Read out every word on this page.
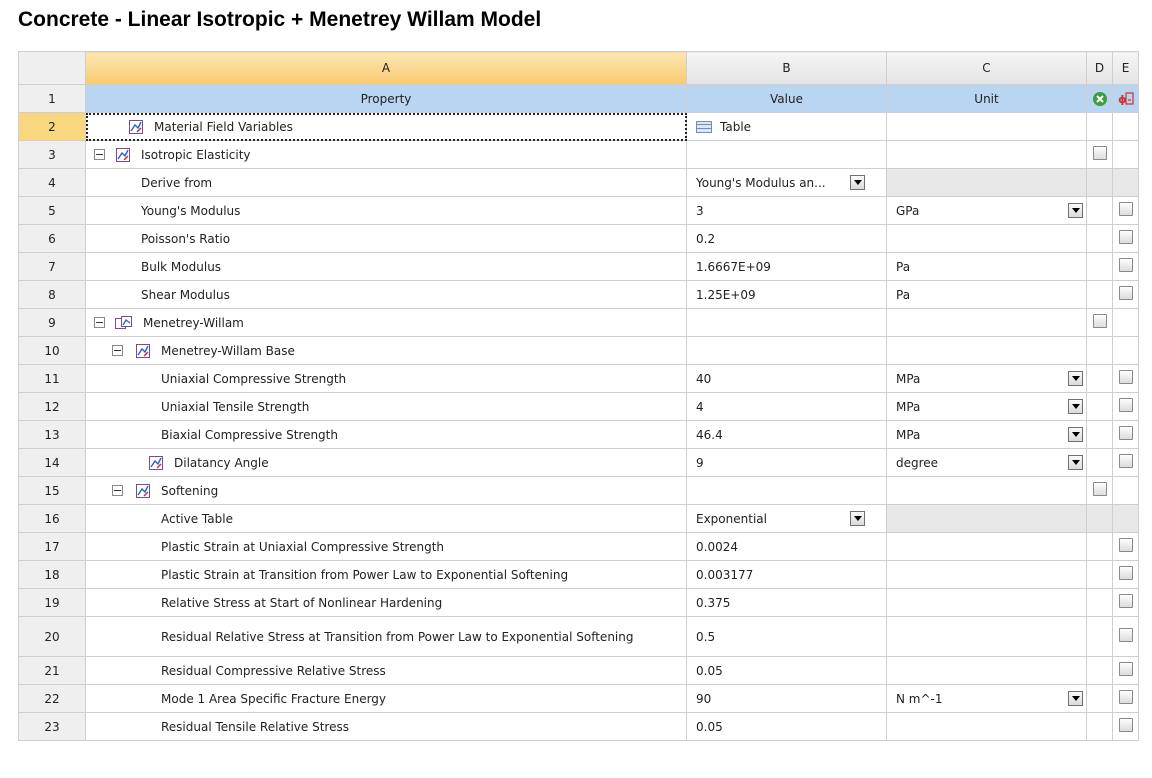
Concrete - Linear Isotropic + Menetrey Willam Model
	A	B	C	D	E
1	Property	Value	Unit		ɸ

2	Material Field Variables	Table			

3	Isotropic Elasticity				

4	Derive from	Young's Modulus an...			

5	Young's Modulus	3	GPa		

6	Poisson's Ratio	0.2			

7	Bulk Modulus	1.6667E+09	Pa		

8	Shear Modulus	1.25E+09	Pa		

9	Menetrey-Willam				

10	Menetrey-Willam Base				

11	Uniaxial Compressive Strength	40	MPa		

12	Uniaxial Tensile Strength	4	MPa		

13	Biaxial Compressive Strength	46.4	MPa		

14	Dilatancy Angle	9	degree		

15	Softening				

16	Active Table	Exponential			

17	Plastic Strain at Uniaxial Compressive Strength	0.0024			

18	Plastic Strain at Transition from Power Law to Exponential Softening	0.003177			

19	Relative Stress at Start of Nonlinear Hardening	0.375			

20	Residual Relative Stress at Transition from Power Law to Exponential Softening	0.5			

21	Residual Compressive Relative Stress	0.05			

22	Mode 1 Area Specific Fracture Energy	90	N m^-1		

23	Residual Tensile Relative Stress	0.05			
